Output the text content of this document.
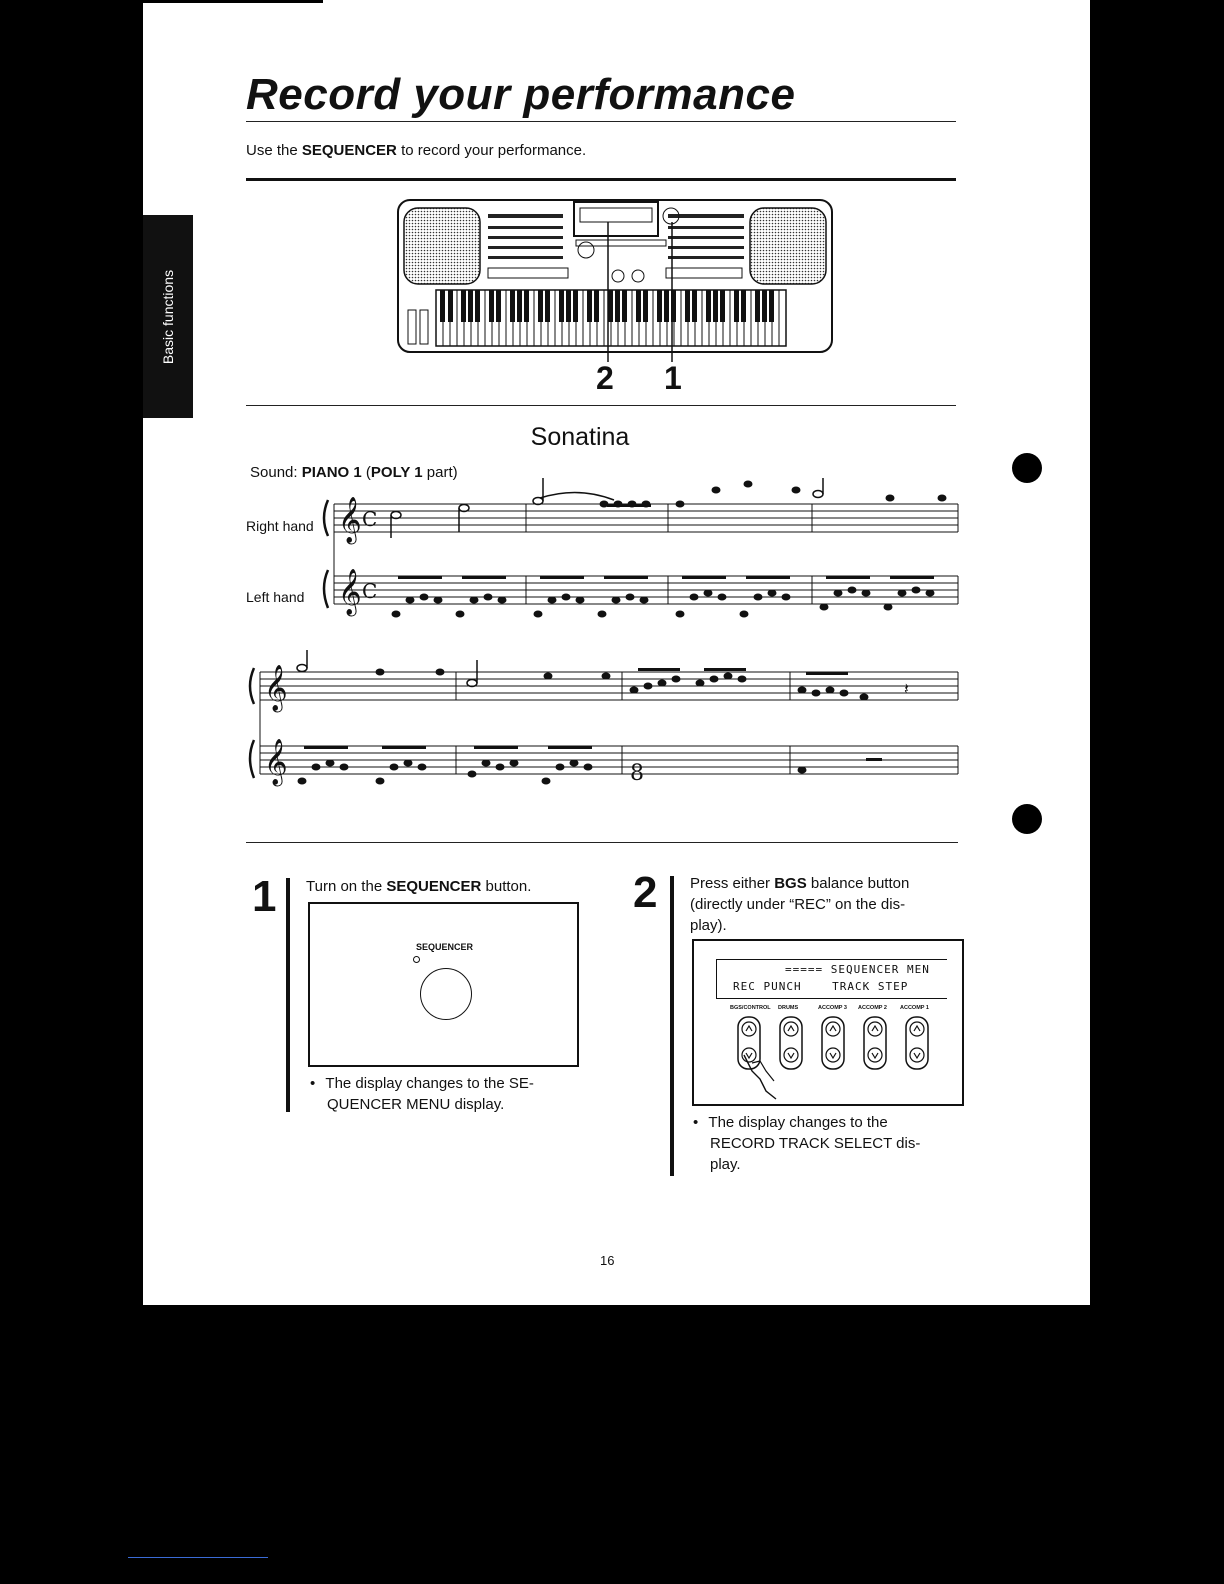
Basic functions
Record your performance
Use the SEQUENCER to record your performance.
2 1
Sonatina
Sound: PIANO 1 (POLY 1 part)
Right hand
Left hand
𝄞
𝄞
C
C
𝄞
𝄞
𝄽
8
1 Turn on the SEQUENCER button.
SEQUENCER
• The display changes to the SE-
QUENCER MENU display.
2 Press either BGS balance button
(directly under “REC” on the dis-
play).
===== SEQUENCER MEN
REC PUNCH    TRACK STEP
BGS/CONTROL DRUMS	ACCOMP 3 ACCOMP 2 ACCOMP 1
• The display changes to the
RECORD TRACK SELECT dis-
play.
16
